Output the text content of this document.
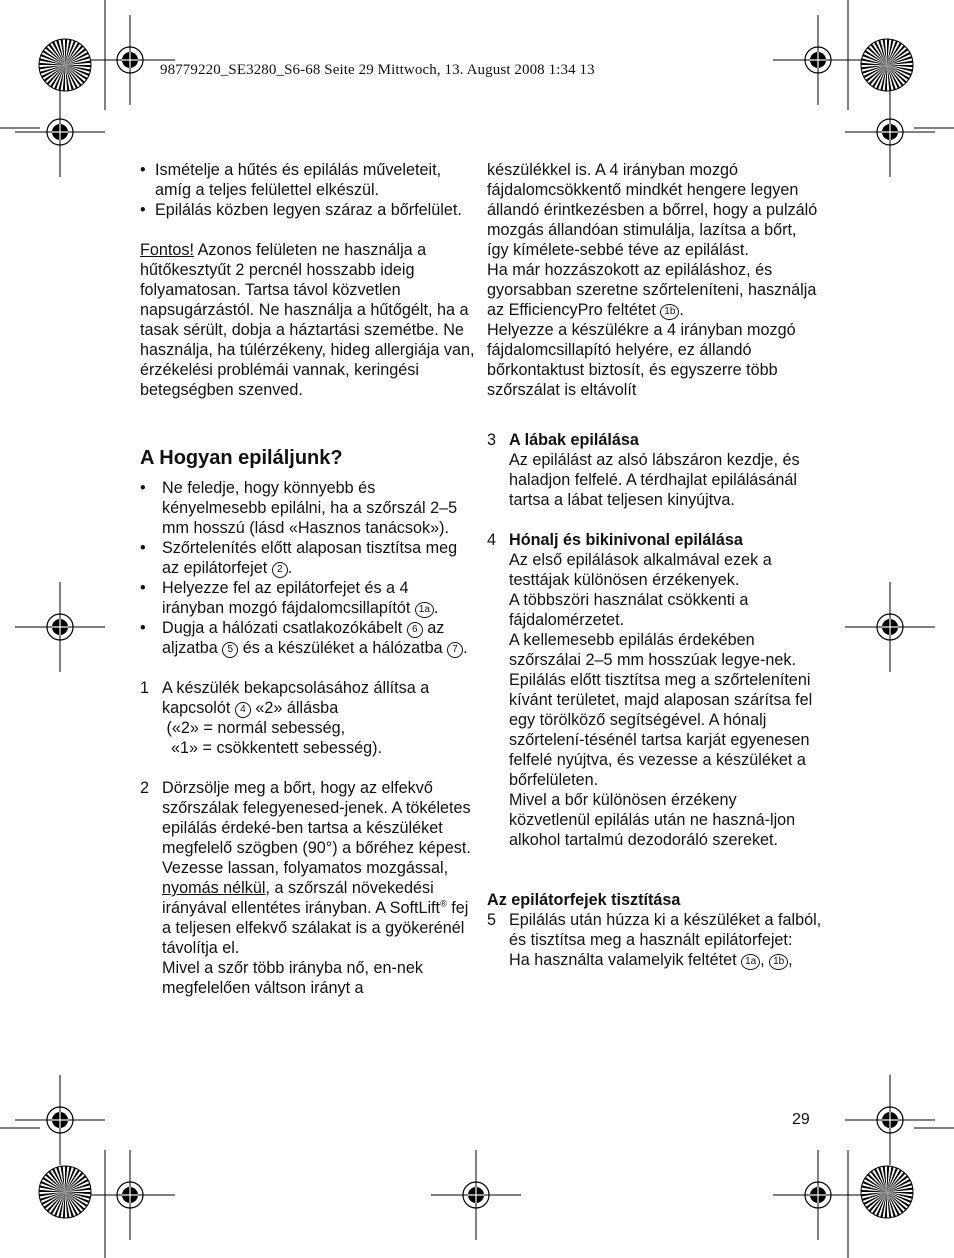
98779220_SE3280_S6-68 Seite 29 Mittwoch, 13. August 2008 1:34 13
• Ismételje a hűtés és epilálás műveleteit, amíg a teljes felülettel elkészül.
• Epilálás közben legyen száraz a bőrfelület.

Fontos! Azonos felületen ne használja a hűtőkesztyűt 2 percnél hosszabb ideig folyamatosan. Tartsa távol közvetlen napsugárzástól. Ne használja a hűtőgélt, ha a tasak sérült, dobja a háztartási szemétbe. Ne használja, ha túlérzékeny, hideg allergiája van, érzékelési problémái vannak, keringési betegségben szenved.

A Hogyan epiláljunk?
• Ne feledje, hogy könnyebb és kényelmesebb epilálni, ha a szőrszál 2–5 mm hosszú (lásd «Hasznos tanácsok»).
• Szőrtelenítés előtt alaposan tisztítsa meg az epilátorfejet 2 .
• Helyezze fel az epilátorfejet és a 4 irányban mozgó fájdalomcsillapítót 1a .
• Dugja a hálózati csatlakozókábelt 6 az aljzatba 5 és a készüléket a hálózatba 7 .
1 A készülék bekapcsolásához állítsa a kapcsolót 4 «2» állásba
(«2» = normál sebesség,
«1» = csökkentett sebesség).
2 Dörzsölje meg a bőrt, hogy az elfekvő szőrszálak felegyenesed-jenek. A tökéletes epilálás érdeké-ben tartsa a készüléket megfelelő szögben (90°) a bőréhez képest. Vezesse lassan, folyamatos mozgással, nyomás nélkül, a szőrszál növekedési irányával ellentétes irányban. A SoftLift® fej a teljesen elfekvő szálakat is a gyökerénél távolítja el.
Mivel a szőr több irányba nő, en-nek megfelelően váltson irányt a

készülékkel is. A 4 irányban mozgó fájdalomcsökkentő mindkét hengere legyen állandó érintkezésben a bőrrel, hogy a pulzáló mozgás állandóan stimulálja, lazítsa a bőrt, így kímélete-sebbé téve az epilálást.

Ha már hozzászokott az epiláláshoz, és gyorsabban szeretne szőrteleníteni, használja az EfficiencyPro feltétet 1b .

Helyezze a készülékre a 4 irányban mozgó fájdalomcsillapító helyére, ez állandó bőrkontaktust biztosít, és egyszerre több szőrszálat is eltávolít

3 A lábak epilálása
Az epilálást az alsó lábszáron kezdje, és haladjon felfelé. A térdhajlat epilálásánál tartsa a lábat teljesen kinyújtva.
4 Hónalj és bikinivonal epilálása
Az első epilálások alkalmával ezek a testtájak különösen érzékenyek.
A többszöri használat csökkenti a fájdalomérzetet.
A kellemesebb epilálás érdekében szőrszálai 2–5 mm hosszúak legye-nek.
Epilálás előtt tisztítsa meg a szőrteleníteni kívánt területet, majd alaposan szárítsa fel egy törölköző segítségével. A hónalj szőrtelení-tésénél tartsa karját egyenesen felfelé nyújtva, és vezesse a készüléket a bőrfelületen.
Mivel a bőr különösen érzékeny közvetlenül epilálás után ne haszná-ljon alkohol tartalmú dezodoráló szereket.
Az epilátorfejek tisztítása
5 Epilálás után húzza ki a készüléket a falból, és tisztítsa meg a használt epilátorfejet:
Ha használta valamelyik feltétet 1a , 1b ,
29
